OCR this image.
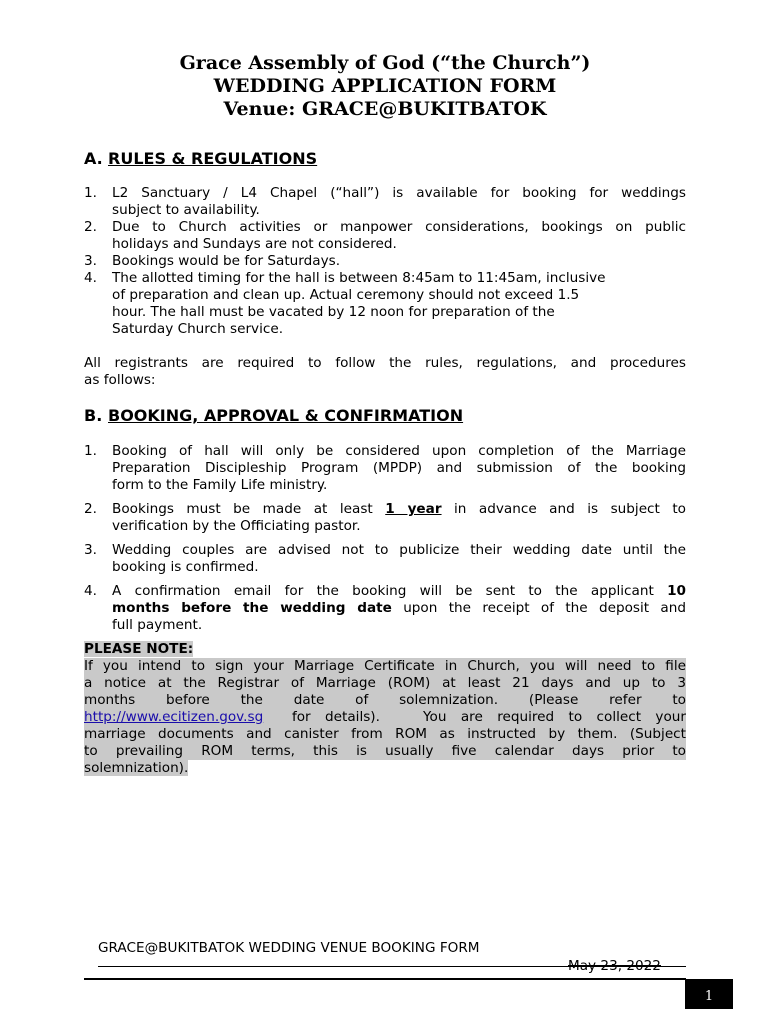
Grace Assembly of God (“the Church”)
WEDDING APPLICATION FORM
Venue: GRACE@BUKITBATOK
A. RULES & REGULATIONS
1. L2 Sanctuary / L4 Chapel (“hall”) is available for booking for weddings
subject to availability.
2. Due to Church activities or manpower considerations, bookings on public
holidays and Sundays are not considered.
3. Bookings would be for Saturdays.
4. The allotted timing for the hall is between 8:45am to 11:45am, inclusive
of preparation and clean up. Actual ceremony should not exceed 1.5
hour. The hall must be vacated by 12 noon for preparation of the
Saturday Church service.
All registrants are required to follow the rules, regulations, and procedures
as follows:
B. BOOKING, APPROVAL & CONFIRMATION
1. Booking of hall will only be considered upon completion of the Marriage
Preparation Discipleship Program (MPDP) and submission of the booking
form to the Family Life ministry.
2. Bookings must be made at least 1 year in advance and is subject to
verification by the Officiating pastor.
3. Wedding couples are advised not to publicize their wedding date until the
booking is confirmed.
4. A confirmation email for the booking will be sent to the applicant 10
months before the wedding date upon the receipt of the deposit and
full payment.
PLEASE NOTE:
If you intend to sign your Marriage Certificate in Church, you will need to file
a notice at the Registrar of Marriage (ROM) at least 21 days and up to 3
months    before    the    date    of    solemnization.    (Please    refer    to
http://www.ecitizen.gov.sg  for details).   You are required to collect your
marriage documents and canister from ROM as instructed by them. (Subject
to prevailing ROM terms, this is usually five calendar days prior to
solemnization).
GRACE@BUKITBATOK WEDDING VENUE BOOKING FORM
May 23, 2022
1
